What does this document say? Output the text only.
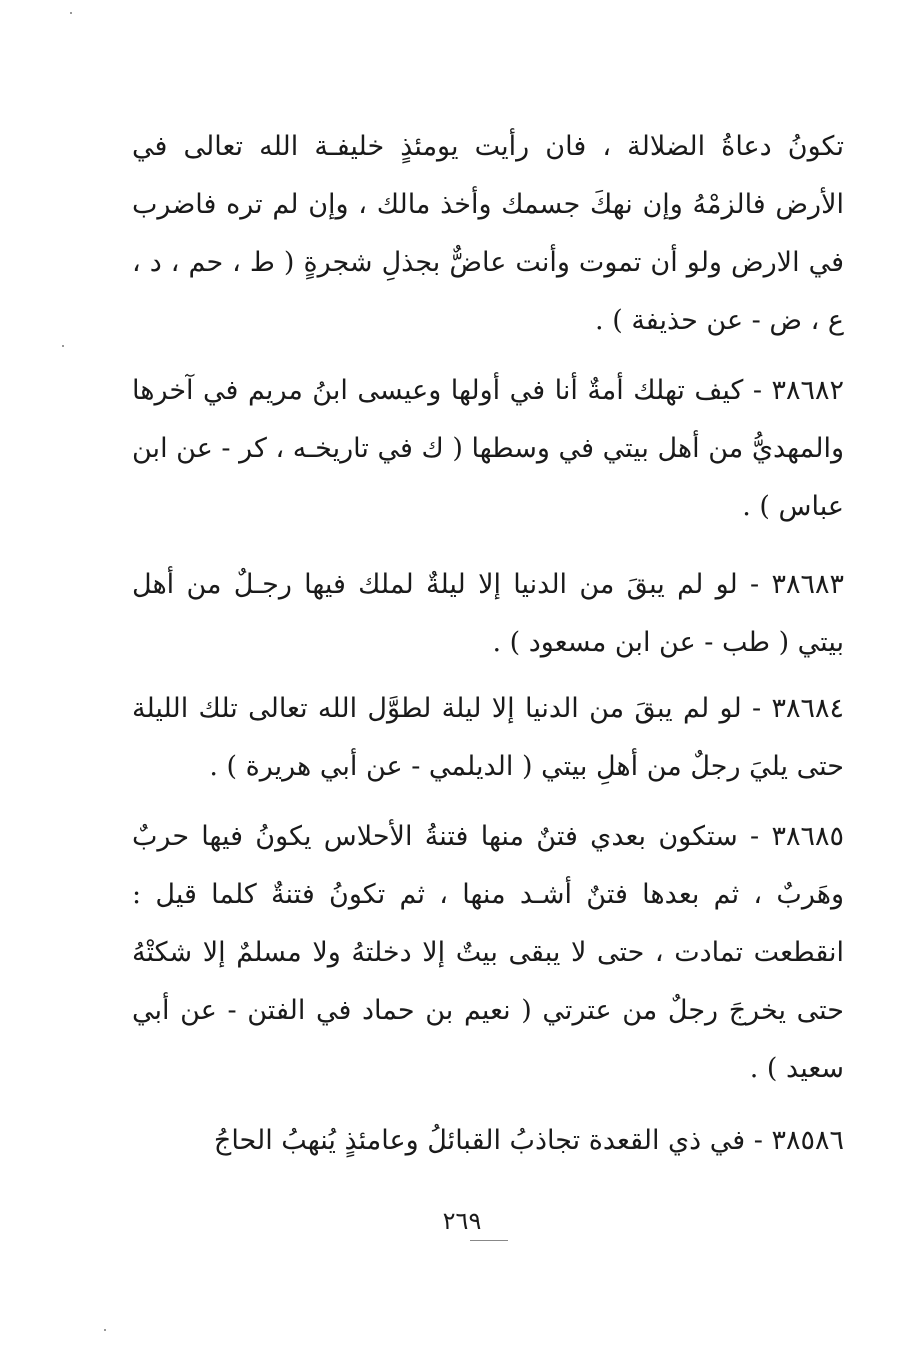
تكونُ دعاةُ الضلالة ، فان رأيت يومئذٍ خليفـة الله تعالى في الأرض فالزمْهُ وإن نهكَ جسمك وأخذ مالك ، وإن لم تره فاضرب في الارض ولو أن تموت وأنت عاضٌّ بجذلِ شجرةٍ ( ط ، حم ، د ، ع ، ض - عن حذيفة ) .

٣٨٦٨٢ - كيف تهلك أمةٌ أنا في أولها وعيسى ابنُ مريم في آخرها والمهديُّ من أهل بيتي في وسطها ( ك في تاريخـه ، كر - عن ابن عباس ) .

٣٨٦٨٣ - لو لم يبقَ من الدنيا إلا ليلةٌ لملك فيها رجـلٌ من أهل بيتي ( طب - عن ابن مسعود ) .

٣٨٦٨٤ - لو لم يبقَ من الدنيا إلا ليلة لطوَّل الله تعالى تلك الليلة حتى يليَ رجلٌ من أهلِ بيتي ( الديلمي - عن أبي هريرة ) .

٣٨٦٨٥ - ستكون بعدي فتنٌ منها فتنةُ الأحلاس يكونُ فيها حربٌ وهَربٌ ، ثم بعدها فتنٌ أشـد منها ، ثم تكونُ فتنةٌ كلما قيل : انقطعت تمادت ، حتى لا يبقى بيتٌ إلا دخلتهُ ولا مسلمٌ إلا شكتْهُ حتى يخرجَ رجلٌ من عترتي ( نعيم بن حماد في الفتن - عن أبي سعيد ) .

٣٨٥٨٦ - في ذي القعدة تجاذبُ القبائلُ وعامئذٍ يُنهبُ الحاجُ

٢٦٩
